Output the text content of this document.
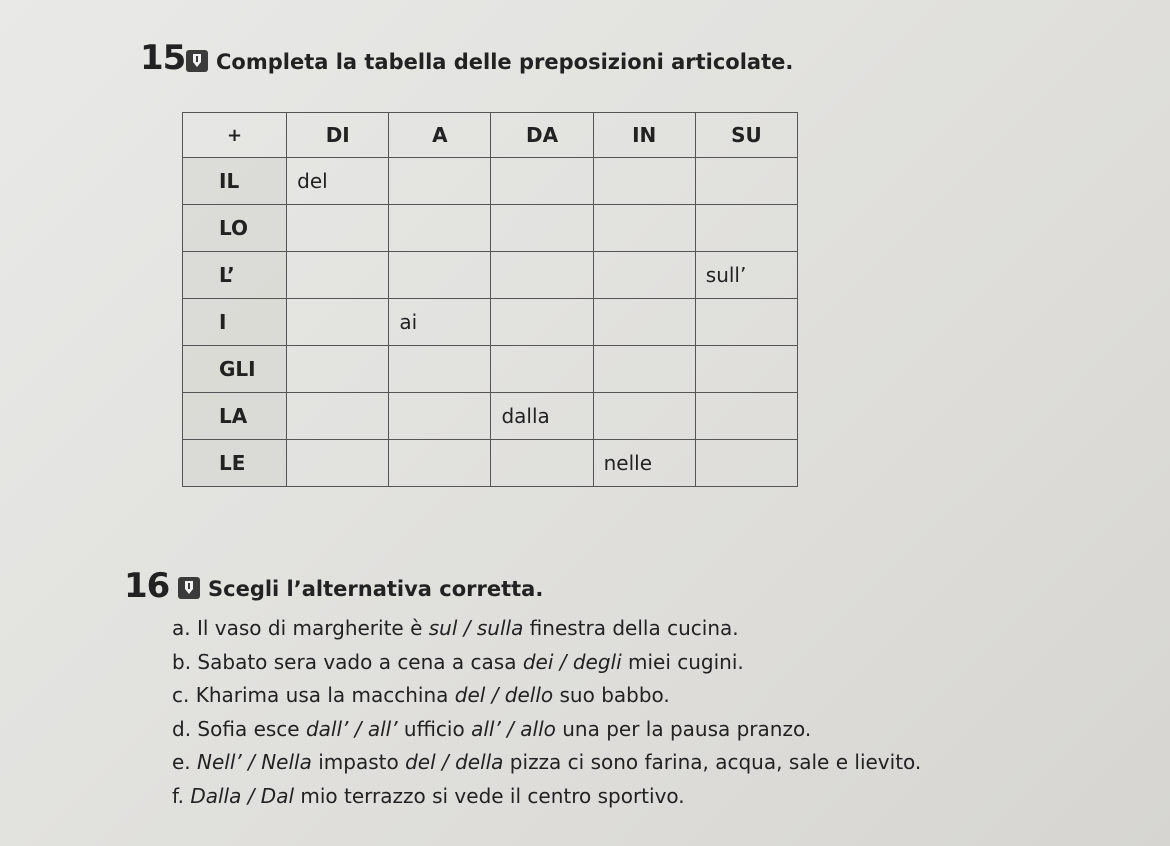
15 Completa la tabella delle preposizioni articolate.
+	DI	A	DA	IN	SU
IL	del				
LO					
L’					sull’
I		ai			
GLI					
LA			dalla		
LE				nelle	
16 Scegli l’alternativa corretta.
a. Il vaso di margherite è sul / sulla finestra della cucina.
b. Sabato sera vado a cena a casa dei / degli miei cugini.
c. Kharima usa la macchina del / dello suo babbo.
d. Sofia esce dall’ / all’ ufficio all’ / allo una per la pausa pranzo.
e. Nell’ / Nella impasto del / della pizza ci sono farina, acqua, sale e lievito.
f. Dalla / Dal mio terrazzo si vede il centro sportivo.
